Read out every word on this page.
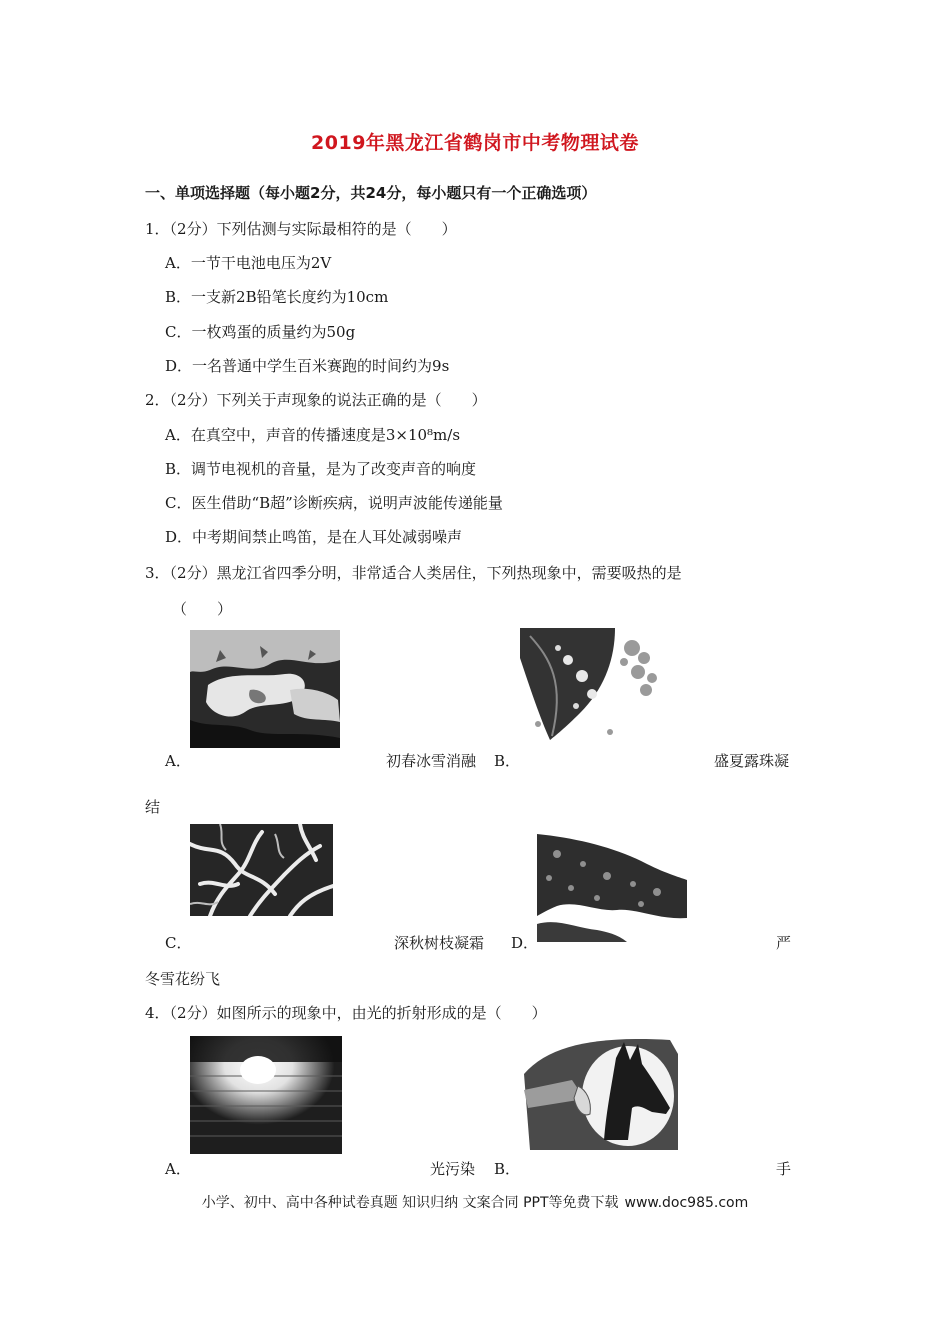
2019年黑龙江省鹤岗市中考物理试卷
一、单项选择题（每小题2分，共24分，每小题只有一个正确选项）
1．（2分）下列估测与实际最相符的是（　　）
A．一节干电池电压为2V
B．一支新2B铅笔长度约为10cm
C．一枚鸡蛋的质量约为50g
D．一名普通中学生百米赛跑的时间约为9s
2．（2分）下列关于声现象的说法正确的是（　　）
A．在真空中，声音的传播速度是3×10⁸m/s
B．调节电视机的音量，是为了改变声音的响度
C．医生借助“B超”诊断疾病，说明声波能传递能量
D．中考期间禁止鸣笛，是在人耳处减弱噪声
3．（2分）黑龙江省四季分明，非常适合人类居住，下列热现象中，需要吸热的是
（　　）
A．	初春冰雪消融 B．	盛夏露珠凝
结
C．	深秋树枝凝霜 D．	严
冬雪花纷飞
4．（2分）如图所示的现象中，由光的折射形成的是（　　）
A．	光污染 B．	手
小学、初中、高中各种试卷真题 知识归纳 文案合同 PPT等免费下载 www.doc985.com
